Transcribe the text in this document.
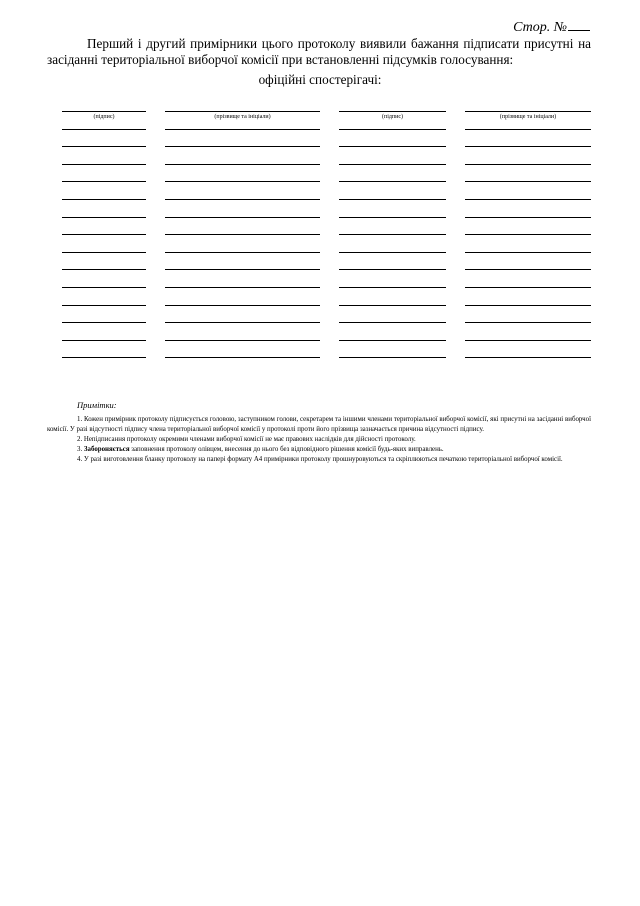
Стор. №

Перший і другий примірники цього протоколу виявили бажання підписати присутні на засіданні територіальної виборчої комісії при встановленні підсумків голосування:

офіційні спостерігачі:

(підпис)	(прізвище та ініціали)	(підпис)	(прізвище та ініціали)

Примітки:

1. Кожен примірник протоколу підписується головою, заступником голови, секретарем та іншими членами територіальної виборчої комісії, які присутні на засіданні виборчої комісії. У разі відсутності підпису члена територіальної виборчої комісії у протоколі проти його прізвища зазначається причина відсутності підпису.

2. Непідписання протоколу окремими членами виборчої комісії не має правових наслідків для дійсності протоколу.

3. Забороняється заповнення протоколу олівцем, внесення до нього без відповідного рішення комісії будь-яких виправлень.

4. У разі виготовлення бланку протоколу на папері формату А4 примірники протоколу прошнуровуються та скріплюються печаткою територіальної виборчої комісії.
